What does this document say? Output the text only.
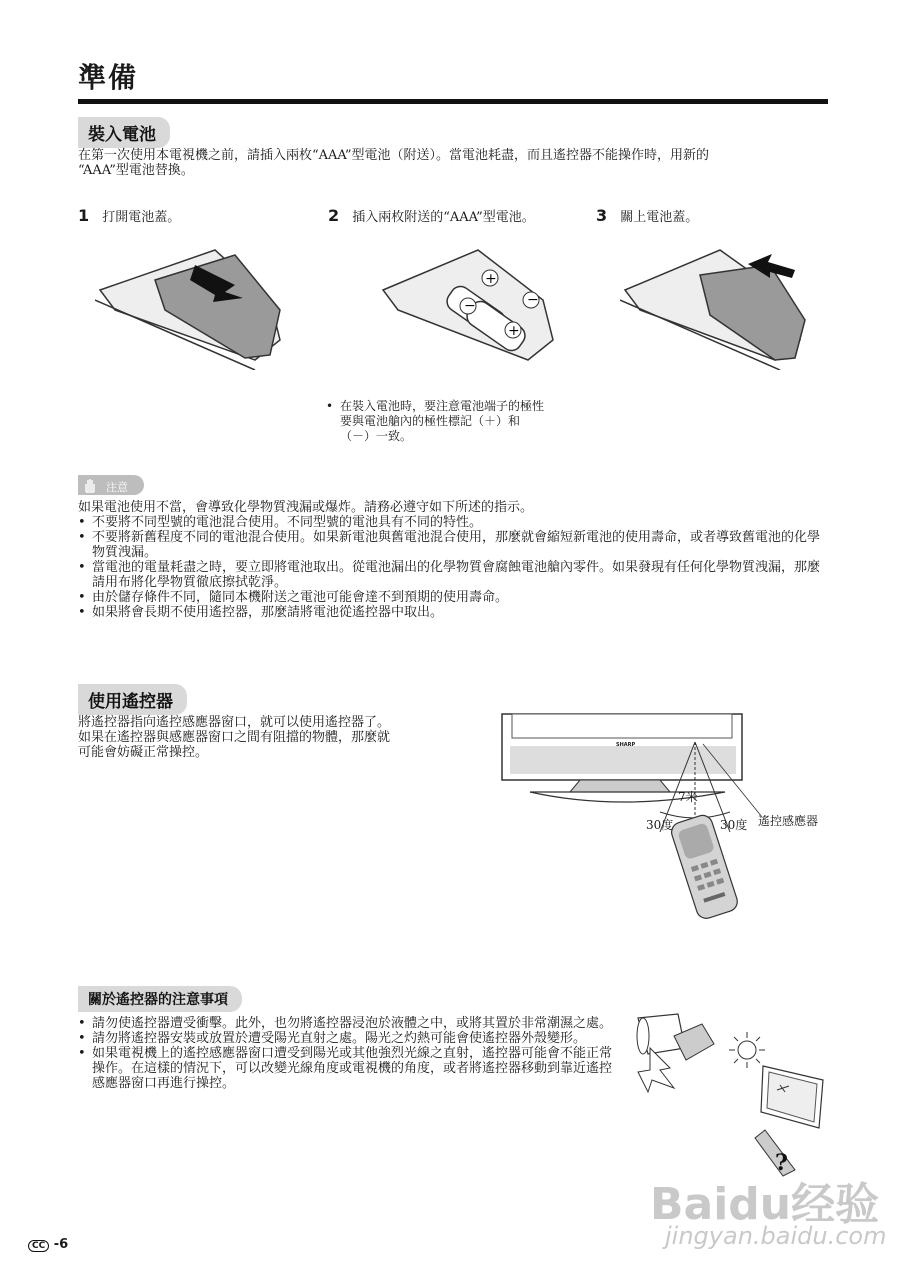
準備
裝入電池
在第一次使用本電視機之前，請插入兩枚“AAA”型電池（附送）。當電池耗盡，而且遙控器不能操作時，用新的
“AAA”型電池替換。
1 打開電池蓋。	2 插入兩枚附送的“AAA”型電池。	3 關上電池蓋。
+
−
−
+
• 在裝入電池時，要注意電池端子的極性
要與電池艙內的極性標記（＋）和
（－）一致。
注意
如果電池使用不當，會導致化學物質洩漏或爆炸。請務必遵守如下所述的指示。
• 不要將不同型號的電池混合使用。不同型號的電池具有不同的特性。
• 不要將新舊程度不同的電池混合使用。如果新電池與舊電池混合使用，那麼就會縮短新電池的使用壽命，或者導致舊電池的化學物質洩漏。
• 當電池的電量耗盡之時，要立即將電池取出。從電池漏出的化學物質會腐蝕電池艙內零件。如果發現有任何化學物質洩漏，那麼請用布將化學物質徹底擦拭乾淨。
• 由於儲存條件不同，隨同本機附送之電池可能會達不到預期的使用壽命。
• 如果將會長期不使用遙控器，那麼請將電池從遙控器中取出。
使用遙控器
將遙控器指向遙控感應器窗口，就可以使用遙控器了。
如果在遙控器與感應器窗口之間有阻擋的物體，那麼就
可能會妨礙正常操控。	SHARP
7米
30度	30度 遙控感應器
關於遙控器的注意事項
• 請勿使遙控器遭受衝擊。此外，也勿將遙控器浸泡於液體之中，或將其置於非常潮濕之處。
• 請勿將遙控器安裝或放置於遭受陽光直射之處。陽光之灼熱可能會使遙控器外殼變形。
• 如果電視機上的遙控感應器窗口遭受到陽光或其他強烈光線之直射，遙控器可能會不能正常操作。在這樣的情況下，可以改變光線角度或電視機的角度，或者將遙控器移動到靠近遙控感應器窗口再進行操控。
?
CC -6
Baidu经验
jingyan.baidu.com
